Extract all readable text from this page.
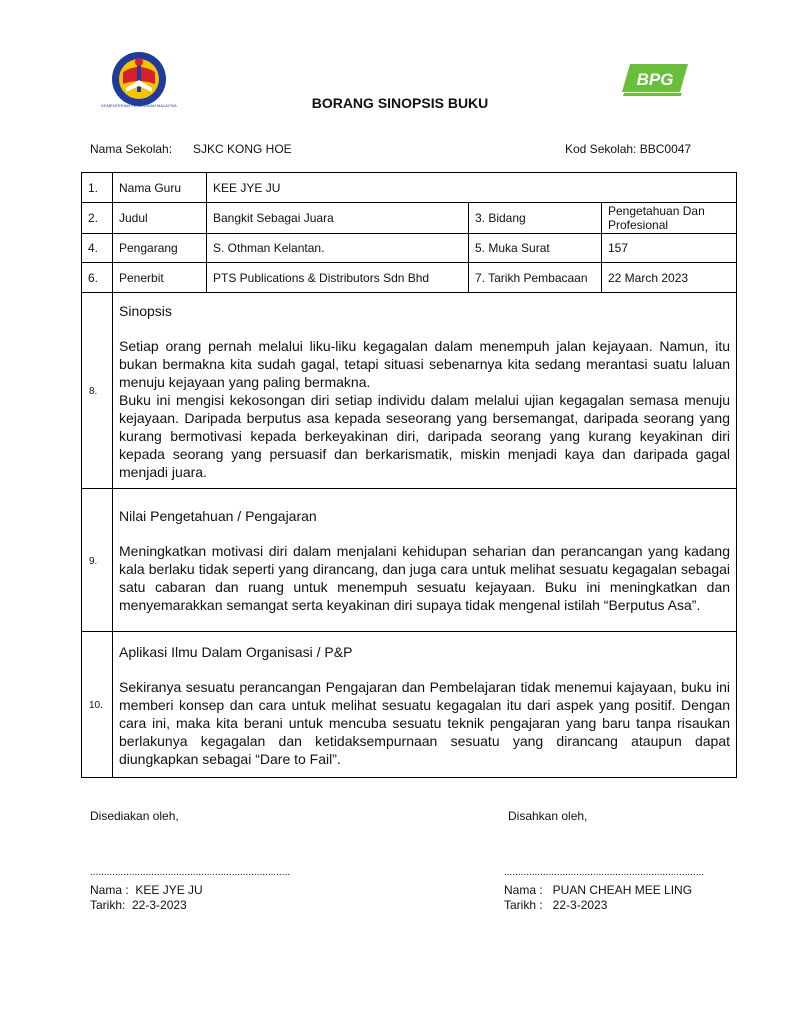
KEMENTERIAN PENDIDIKAN MALAYSIA
BPG
BORANG SINOPSIS BUKU
Nama Sekolah: SJKC KONG HOE	Kod Sekolah: BBC0047
1.	Nama Guru	KEE JYE JU		
2.	Judul	Bangkit Sebagai Juara	3. Bidang	Pengetahuan Dan Profesional
4.	Pengarang	S. Othman Kelantan.	5. Muka Surat	157
6.	Penerbit	PTS Publications & Distributors Sdn Bhd	7. Tarikh Pembacaan	22 March 2023
8.	Sinopsis

Setiap orang pernah melalui liku-liku kegagalan dalam menempuh jalan kejayaan. Namun, itu bukan bermakna kita sudah gagal, tetapi situasi sebenarnya kita sedang merantasi suatu laluan menuju kejayaan yang paling bermakna.

Buku ini mengisi kekosongan diri setiap individu dalam melalui ujian kegagalan semasa menuju kejayaan. Daripada berputus asa kepada seseorang yang bersemangat, daripada seorang yang kurang bermotivasi kepada berkeyakinan diri, daripada seorang yang kurang keyakinan diri kepada seorang yang persuasif dan berkarismatik, miskin menjadi kaya dan daripada gagal menjadi juara.			

9.	Nilai Pengetahuan / Pengajaran

Meningkatkan motivasi diri dalam menjalani kehidupan seharian dan perancangan yang kadang kala berlaku tidak seperti yang dirancang, dan juga cara untuk melihat sesuatu kegagalan sebagai satu cabaran dan ruang untuk menempuh sesuatu kejayaan. Buku ini meningkatkan dan menyemarakkan semangat serta keyakinan diri supaya tidak mengenal istilah “Berputus Asa”.			

10.	Aplikasi Ilmu Dalam Organisasi / P&P

Sekiranya sesuatu perancangan Pengajaran dan Pembelajaran tidak menemui kajayaan, buku ini memberi konsep dan cara untuk melihat sesuatu kegagalan itu dari aspek yang positif. Dengan cara ini, maka kita berani untuk mencuba sesuatu teknik pengajaran yang baru tanpa risaukan berlakunya kegagalan dan ketidaksempurnaan sesuatu yang dirancang ataupun dapat diungkapkan sebagai “Dare to Fail”.			

Disediakan oleh,	Disahkan oleh,
........................................................................	........................................................................
Nama :  KEE JYE JU
Tarikh:  22-3-2023
Nama :   PUAN CHEAH MEE LING
Tarikh :   22-3-2023
